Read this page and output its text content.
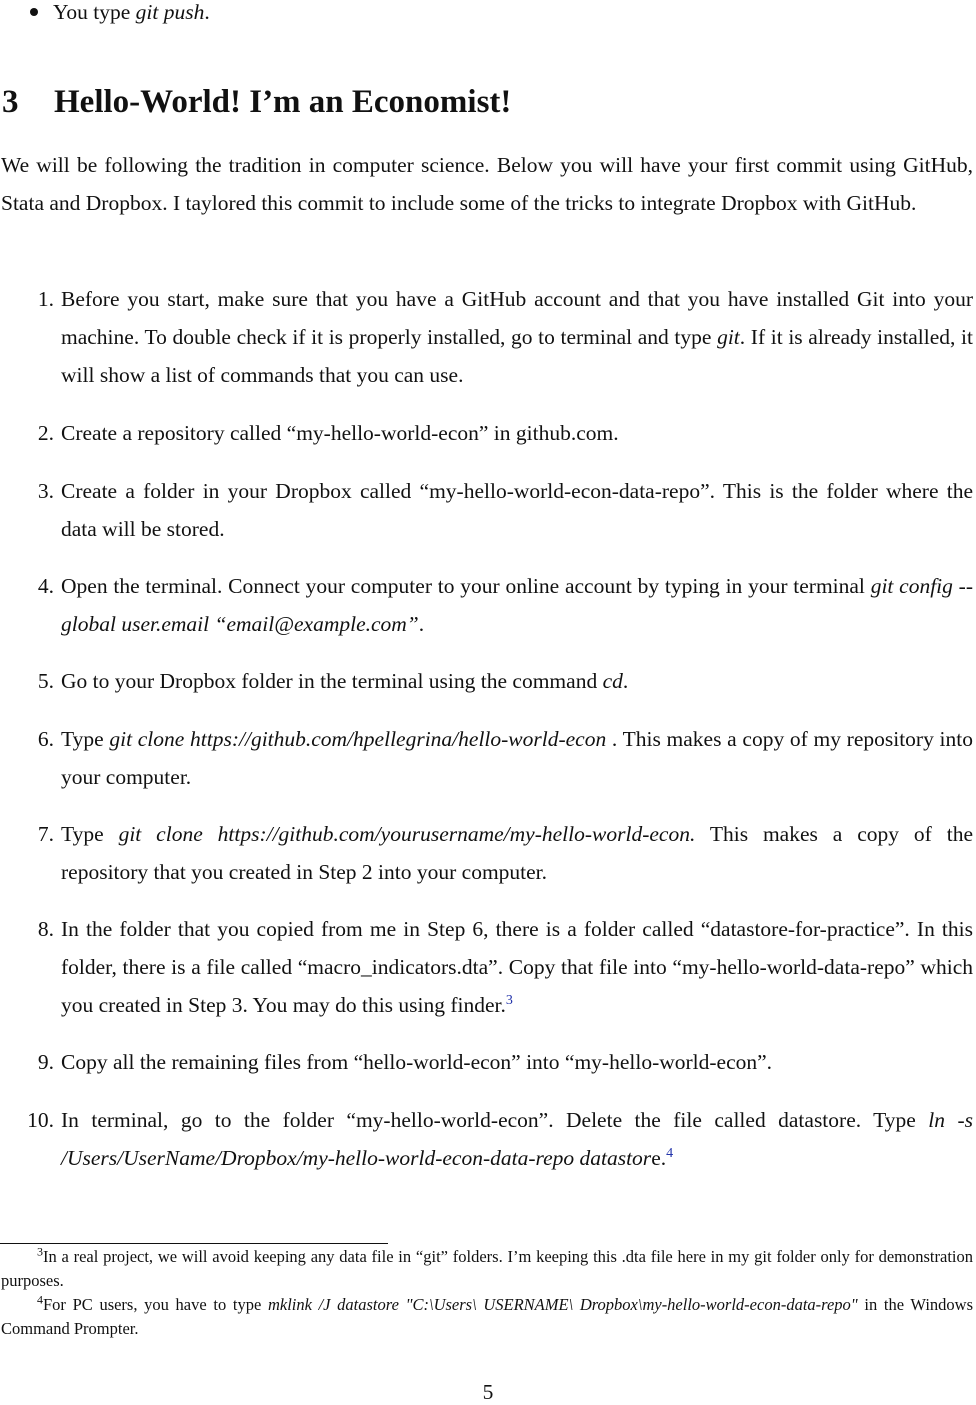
You type git push.
3 Hello-World! I’m an Economist!
We will be following the tradition in computer science. Below you will have your first commit using GitHub, Stata and Dropbox. I taylored this commit to include some of the tricks to integrate Dropbox with GitHub.
1. Before you start, make sure that you have a GitHub account and that you have installed Git into your machine. To double check if it is properly installed, go to terminal and type git. If it is already installed, it will show a list of commands that you can use.
2. Create a repository called “my-hello-world-econ” in github.com.
3. Create a folder in your Dropbox called “my-hello-world-econ-data-repo”. This is the folder where the data will be stored.
4. Open the terminal. Connect your computer to your online account by typing in your terminal git config --global user.email “email@example.com”.
5. Go to your Dropbox folder in the terminal using the command cd.
6. Type git clone https://github.com/hpellegrina/hello-world-econ . This makes a copy of my repository into your computer.
7. Type git clone https://github.com/yourusername/my-hello-world-econ. This makes a copy of the repository that you created in Step 2 into your computer.
8. In the folder that you copied from me in Step 6, there is a folder called “datastore-for-practice”. In this folder, there is a file called “macro_indicators.dta”. Copy that file into “my-hello-world-data-repo” which you created in Step 3. You may do this using finder.$^3$
9. Copy all the remaining files from “hello-world-econ” into “my-hello-world-econ”.
10. In terminal, go to the folder “my-hello-world-econ”. Delete the file called datastore. Type ln -s /Users/UserName/Dropbox/my-hello-world-econ-data-repo datastore.$^4$

$^3$In a real project, we will avoid keeping any data file in “git” folders. I’m keeping this .dta file here in my git folder only for demonstration purposes.

$^4$For PC users, you have to type mklink /J datastore "C:\Users\ USERNAME\ Dropbox\my-hello-world-econ-data-repo" in the Windows Command Prompter.

5
